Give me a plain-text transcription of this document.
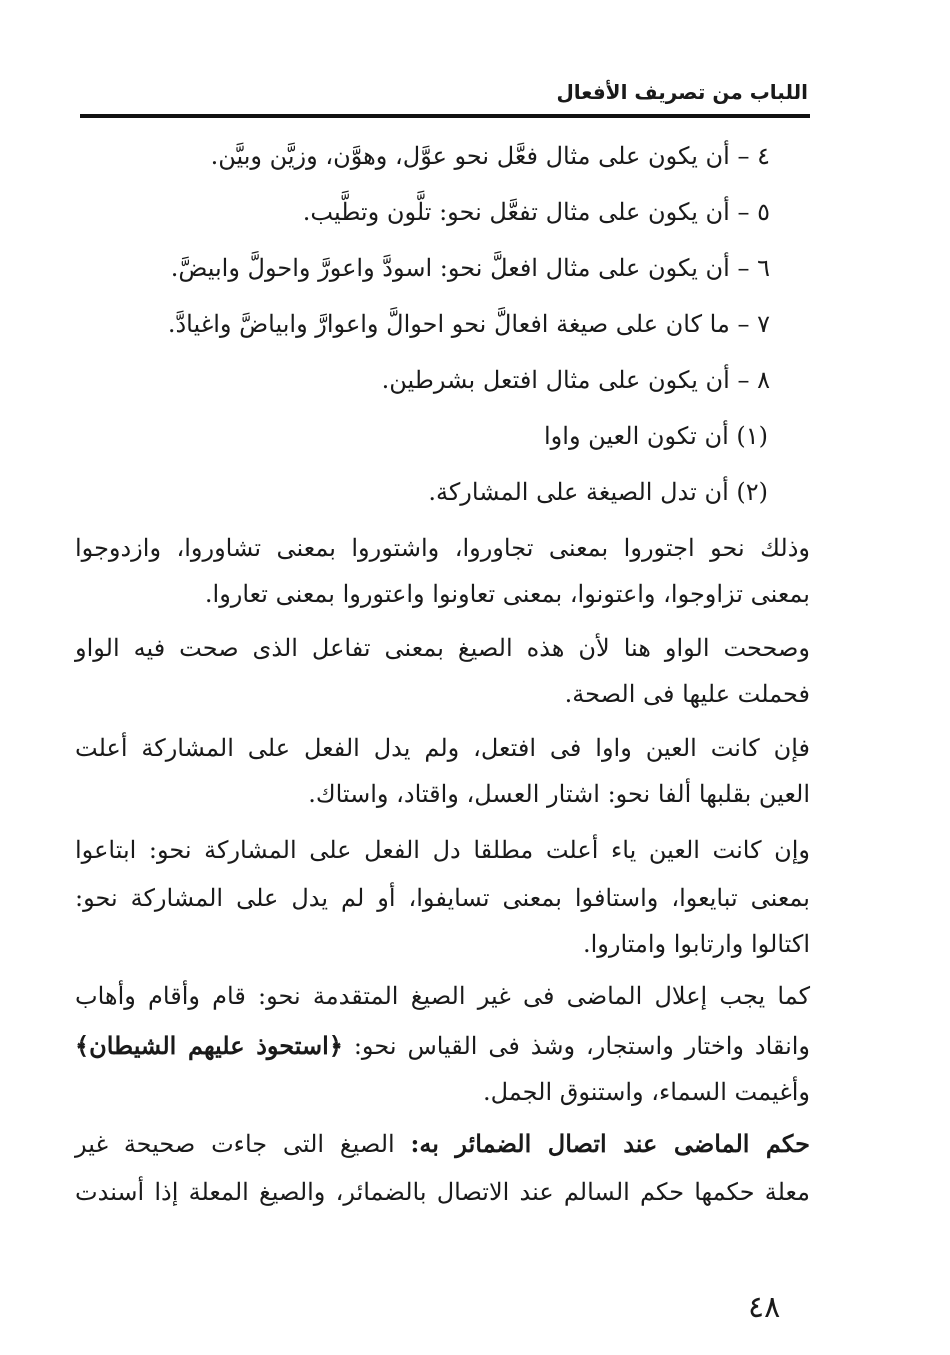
اللباب من تصريف الأفعال
٤ – أن يكون على مثال فعَّل نحو عوَّل، وهوَّن، وزيَّن وبيَّن.
٥ – أن يكون على مثال تفعَّل نحو: تلَّون وتطَّيب.
٦ – أن يكون على مثال افعلَّ نحو: اسودَّ واعورَّ واحولَّ وابيضَّ.
٧ – ما كان على صيغة افعالَّ نحو احوالَّ واعوارَّ وابياضَّ واغيادَّ.
٨ – أن يكون على مثال افتعل بشرطين.
(١) أن تكون العين واوا
(٢) أن تدل الصيغة على المشاركة.
وذلك نحو اجتوروا بمعنى تجاوروا، واشتوروا بمعنى تشاوروا، وازدوجوا
بمعنى تزاوجوا، واعتونوا، بمعنى تعاونوا واعتوروا بمعنى تعاروا.
وصححت الواو هنا لأن هذه الصيغ بمعنى تفاعل الذى صحت فيه الواو
فحملت عليها فى الصحة.
فإن كانت العين واوا فى افتعل، ولم يدل الفعل على المشاركة أعلت
العين بقلبها ألفا نحو: اشتار العسل، واقتاد، واستاك.
وإن كانت العين ياء أعلت مطلقا دل الفعل على المشاركة نحو: ابتاعوا
بمعنى تبايعوا، واستافوا بمعنى تسايفوا، أو لم يدل على المشاركة نحو:
اكتالوا وارتابوا وامتاروا.
كما يجب إعلال الماضى فى غير الصيغ المتقدمة نحو: قام وأقام وأهاب
وانقاد واختار واستجار، وشذ فى القياس نحو: ﴿استحوذ عليهم الشيطان﴾
وأغيمت السماء، واستنوق الجمل.
حكم الماضى عند اتصال الضمائر به: الصيغ التى جاءت صحيحة غير
معلة حكمها حكم السالم عند الاتصال بالضمائر، والصيغ المعلة إذا أسندت
٤٨
